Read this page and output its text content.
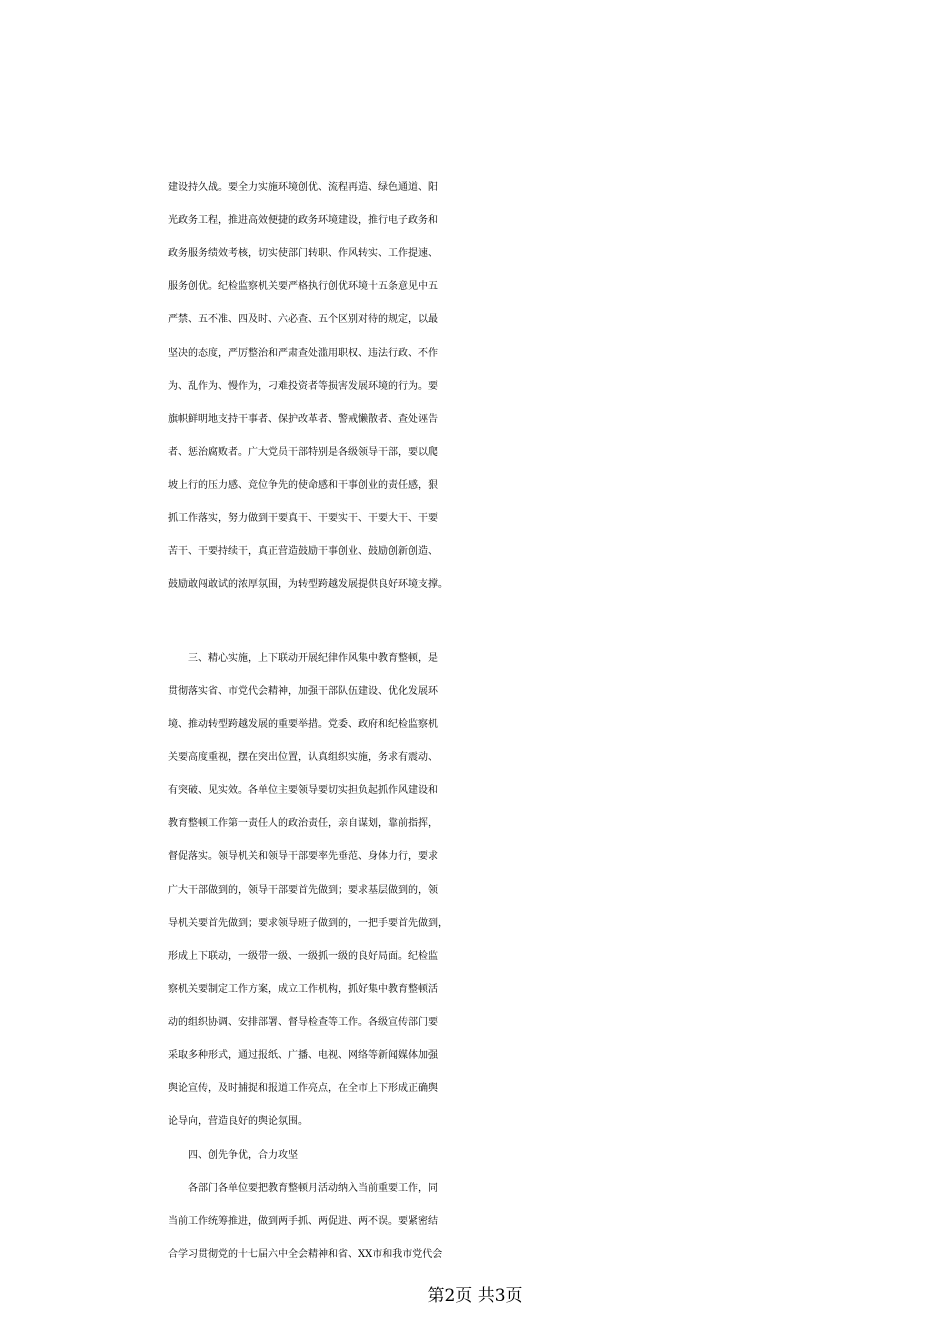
建设持久战。要全力实施环境创优、流程再造、绿色通道、阳

光政务工程，推进高效便捷的政务环境建设，推行电子政务和

政务服务绩效考核，切实使部门转职、作风转实、工作提速、

服务创优。纪检监察机关要严格执行创优环境十五条意见中五

严禁、五不准、四及时、六必查、五个区别对待的规定，以最

坚决的态度，严厉整治和严肃查处滥用职权、违法行政、不作

为、乱作为、慢作为，刁难投资者等损害发展环境的行为。要

旗帜鲜明地支持干事者、保护改革者、警戒懒散者、查处诬告

者、惩治腐败者。广大党员干部特别是各级领导干部，要以爬

坡上行的压力感、竞位争先的使命感和干事创业的责任感，狠

抓工作落实，努力做到干要真干、干要实干、干要大干、干要

苦干、干要持续干，真正营造鼓励干事创业、鼓励创新创造、

鼓励敢闯敢试的浓厚氛围，为转型跨越发展提供良好环境支撑。

　　三、精心实施，上下联动开展纪律作风集中教育整顿，是

贯彻落实省、市党代会精神，加强干部队伍建设、优化发展环

境、推动转型跨越发展的重要举措。党委、政府和纪检监察机

关要高度重视，摆在突出位置，认真组织实施，务求有震动、

有突破、见实效。各单位主要领导要切实担负起抓作风建设和

教育整顿工作第一责任人的政治责任，亲自谋划，靠前指挥，

督促落实。领导机关和领导干部要率先垂范、身体力行，要求

广大干部做到的，领导干部要首先做到；要求基层做到的，领

导机关要首先做到；要求领导班子做到的，一把手要首先做到，

形成上下联动，一级带一级、一级抓一级的良好局面。纪检监

察机关要制定工作方案，成立工作机构，抓好集中教育整顿活

动的组织协调、安排部署、督导检查等工作。各级宣传部门要

采取多种形式，通过报纸、广播、电视、网络等新闻媒体加强

舆论宣传，及时捕捉和报道工作亮点，在全市上下形成正确舆

论导向，营造良好的舆论氛围。

　　四、创先争优，合力攻坚

　　各部门各单位要把教育整顿月活动纳入当前重要工作，同

当前工作统筹推进，做到两手抓、两促进、两不误。要紧密结

合学习贯彻党的十七届六中全会精神和省、XX市和我市党代会

第2页 共3页
